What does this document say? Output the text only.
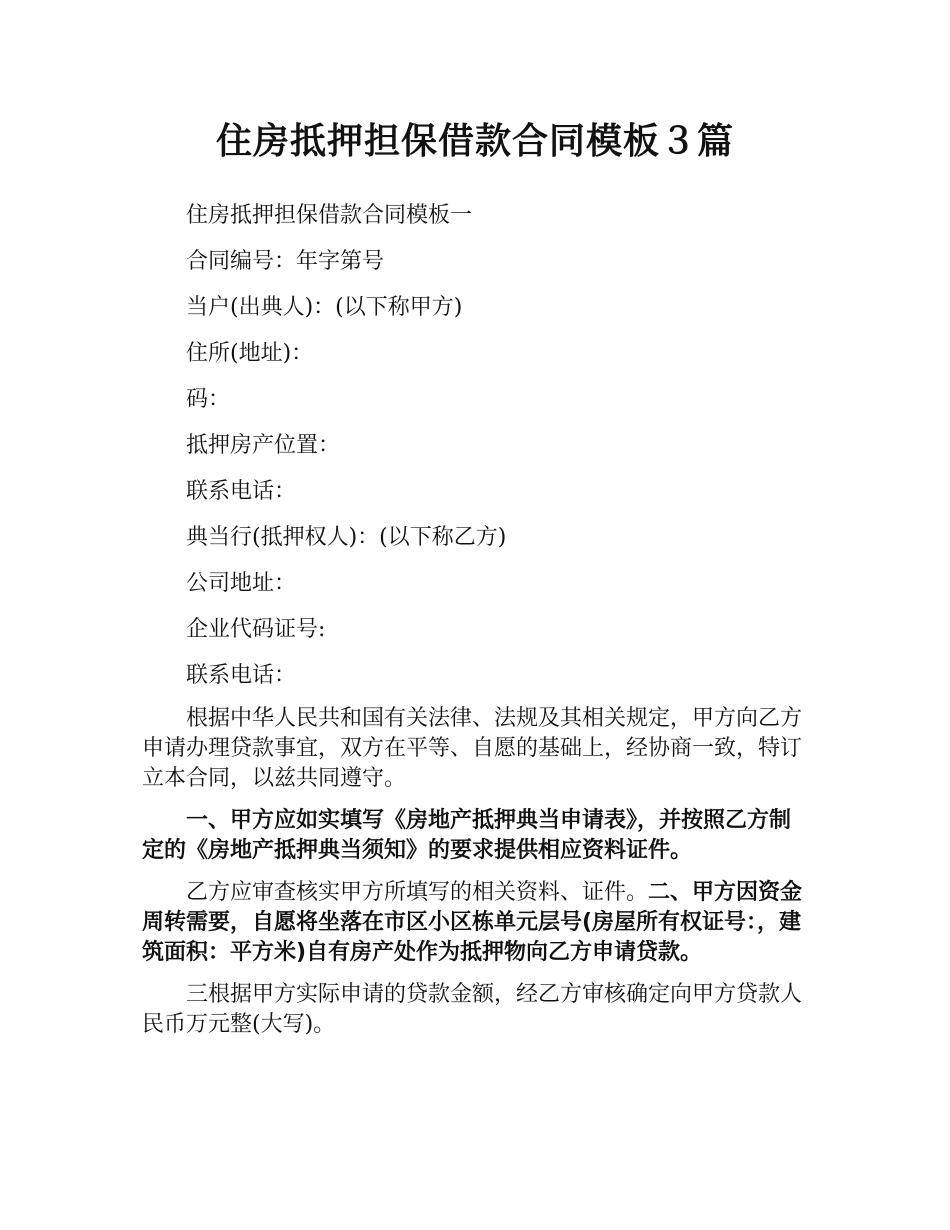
住房抵押担保借款合同模板３篇

住房抵押担保借款合同模板一

合同编号：年字第号

当户(出典人)：(以下称甲方)

住所(地址)：

码：

抵押房产位置：

联系电话：

典当行(抵押权人)：(以下称乙方)

公司地址：

企业代码证号:

联系电话：

根据中华人民共和国有关法律、法规及其相关规定，甲方向乙方申请办理贷款事宜，双方在平等、自愿的基础上，经协商一致，特订立本合同，以兹共同遵守。

一、甲方应如实填写《房地产抵押典当申请表》，并按照乙方制定的《房地产抵押典当须知》的要求提供相应资料证件。

乙方应审查核实甲方所填写的相关资料、证件。二、甲方因资金周转需要，自愿将坐落在市区小区栋单元层号(房屋所有权证号：，建筑面积：平方米)自有房产处作为抵押物向乙方申请贷款。

三根据甲方实际申请的贷款金额，经乙方审核确定向甲方贷款人民币万元整(大写)。
